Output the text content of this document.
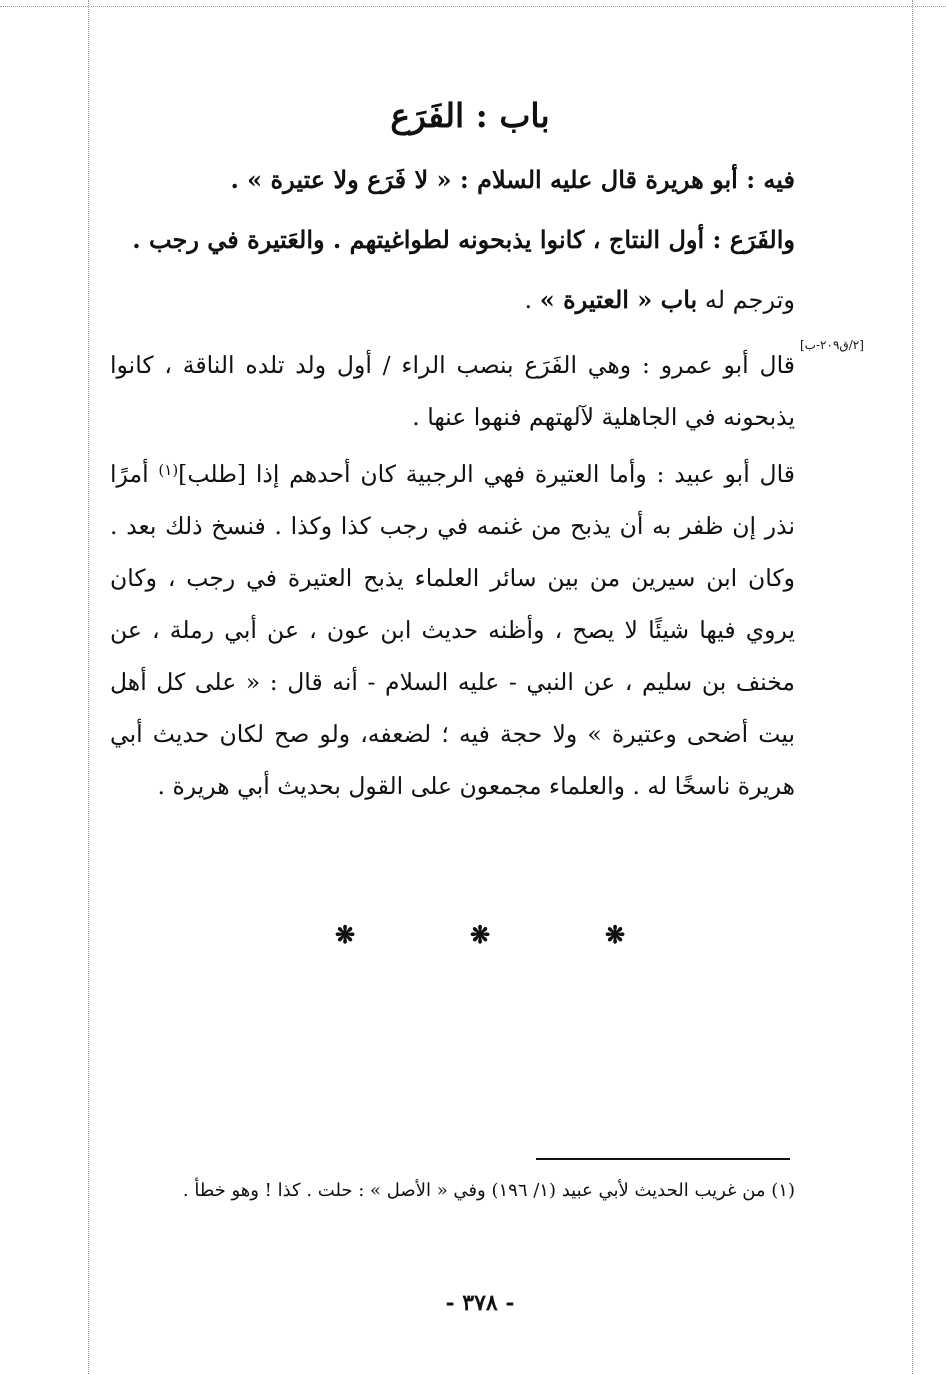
باب : الفَرَع
فيه : أبو هريرة قال عليه السلام : « لا فَرَع ولا عتيرة » .
والفَرَع : أول النتاج ، كانوا يذبحونه لطواغيتهم . والعَتيرة في رجب .
وترجم له باب « العتيرة » .
[٢/ق٢٠٩-ب]
قال أبو عمرو : وهي الفَرَع بنصب الراء / أول ولد تلده الناقة ، كانوا يذبحونه في الجاهلية لآلهتهم فنهوا عنها .
قال أبو عبيد : وأما العتيرة فهي الرجبية كان أحدهم إذا [طلب]$^{(١)}$ أمرًا نذر إن ظفر به أن يذبح من غنمه في رجب كذا وكذا . فنسخ ذلك بعد . وكان ابن سيرين من بين سائر العلماء يذبح العتيرة في رجب ، وكان يروي فيها شيئًا لا يصح ، وأظنه حديث ابن عون ، عن أبي رملة ، عن مخنف بن سليم ، عن النبي - عليه السلام - أنه قال : « على كل أهل بيت أضحى وعتيرة » ولا حجة فيه ؛ لضعفه، ولو صح لكان حديث أبي هريرة ناسخًا له . والعلماء مجمعون على القول بحديث أبي هريرة .
❋	❋	❋
(١) من غريب الحديث لأبي عبيد (١/ ١٩٦) وفي « الأصل » : حلت . كذا ! وهو خطأ .
- ٣٧٨ -
